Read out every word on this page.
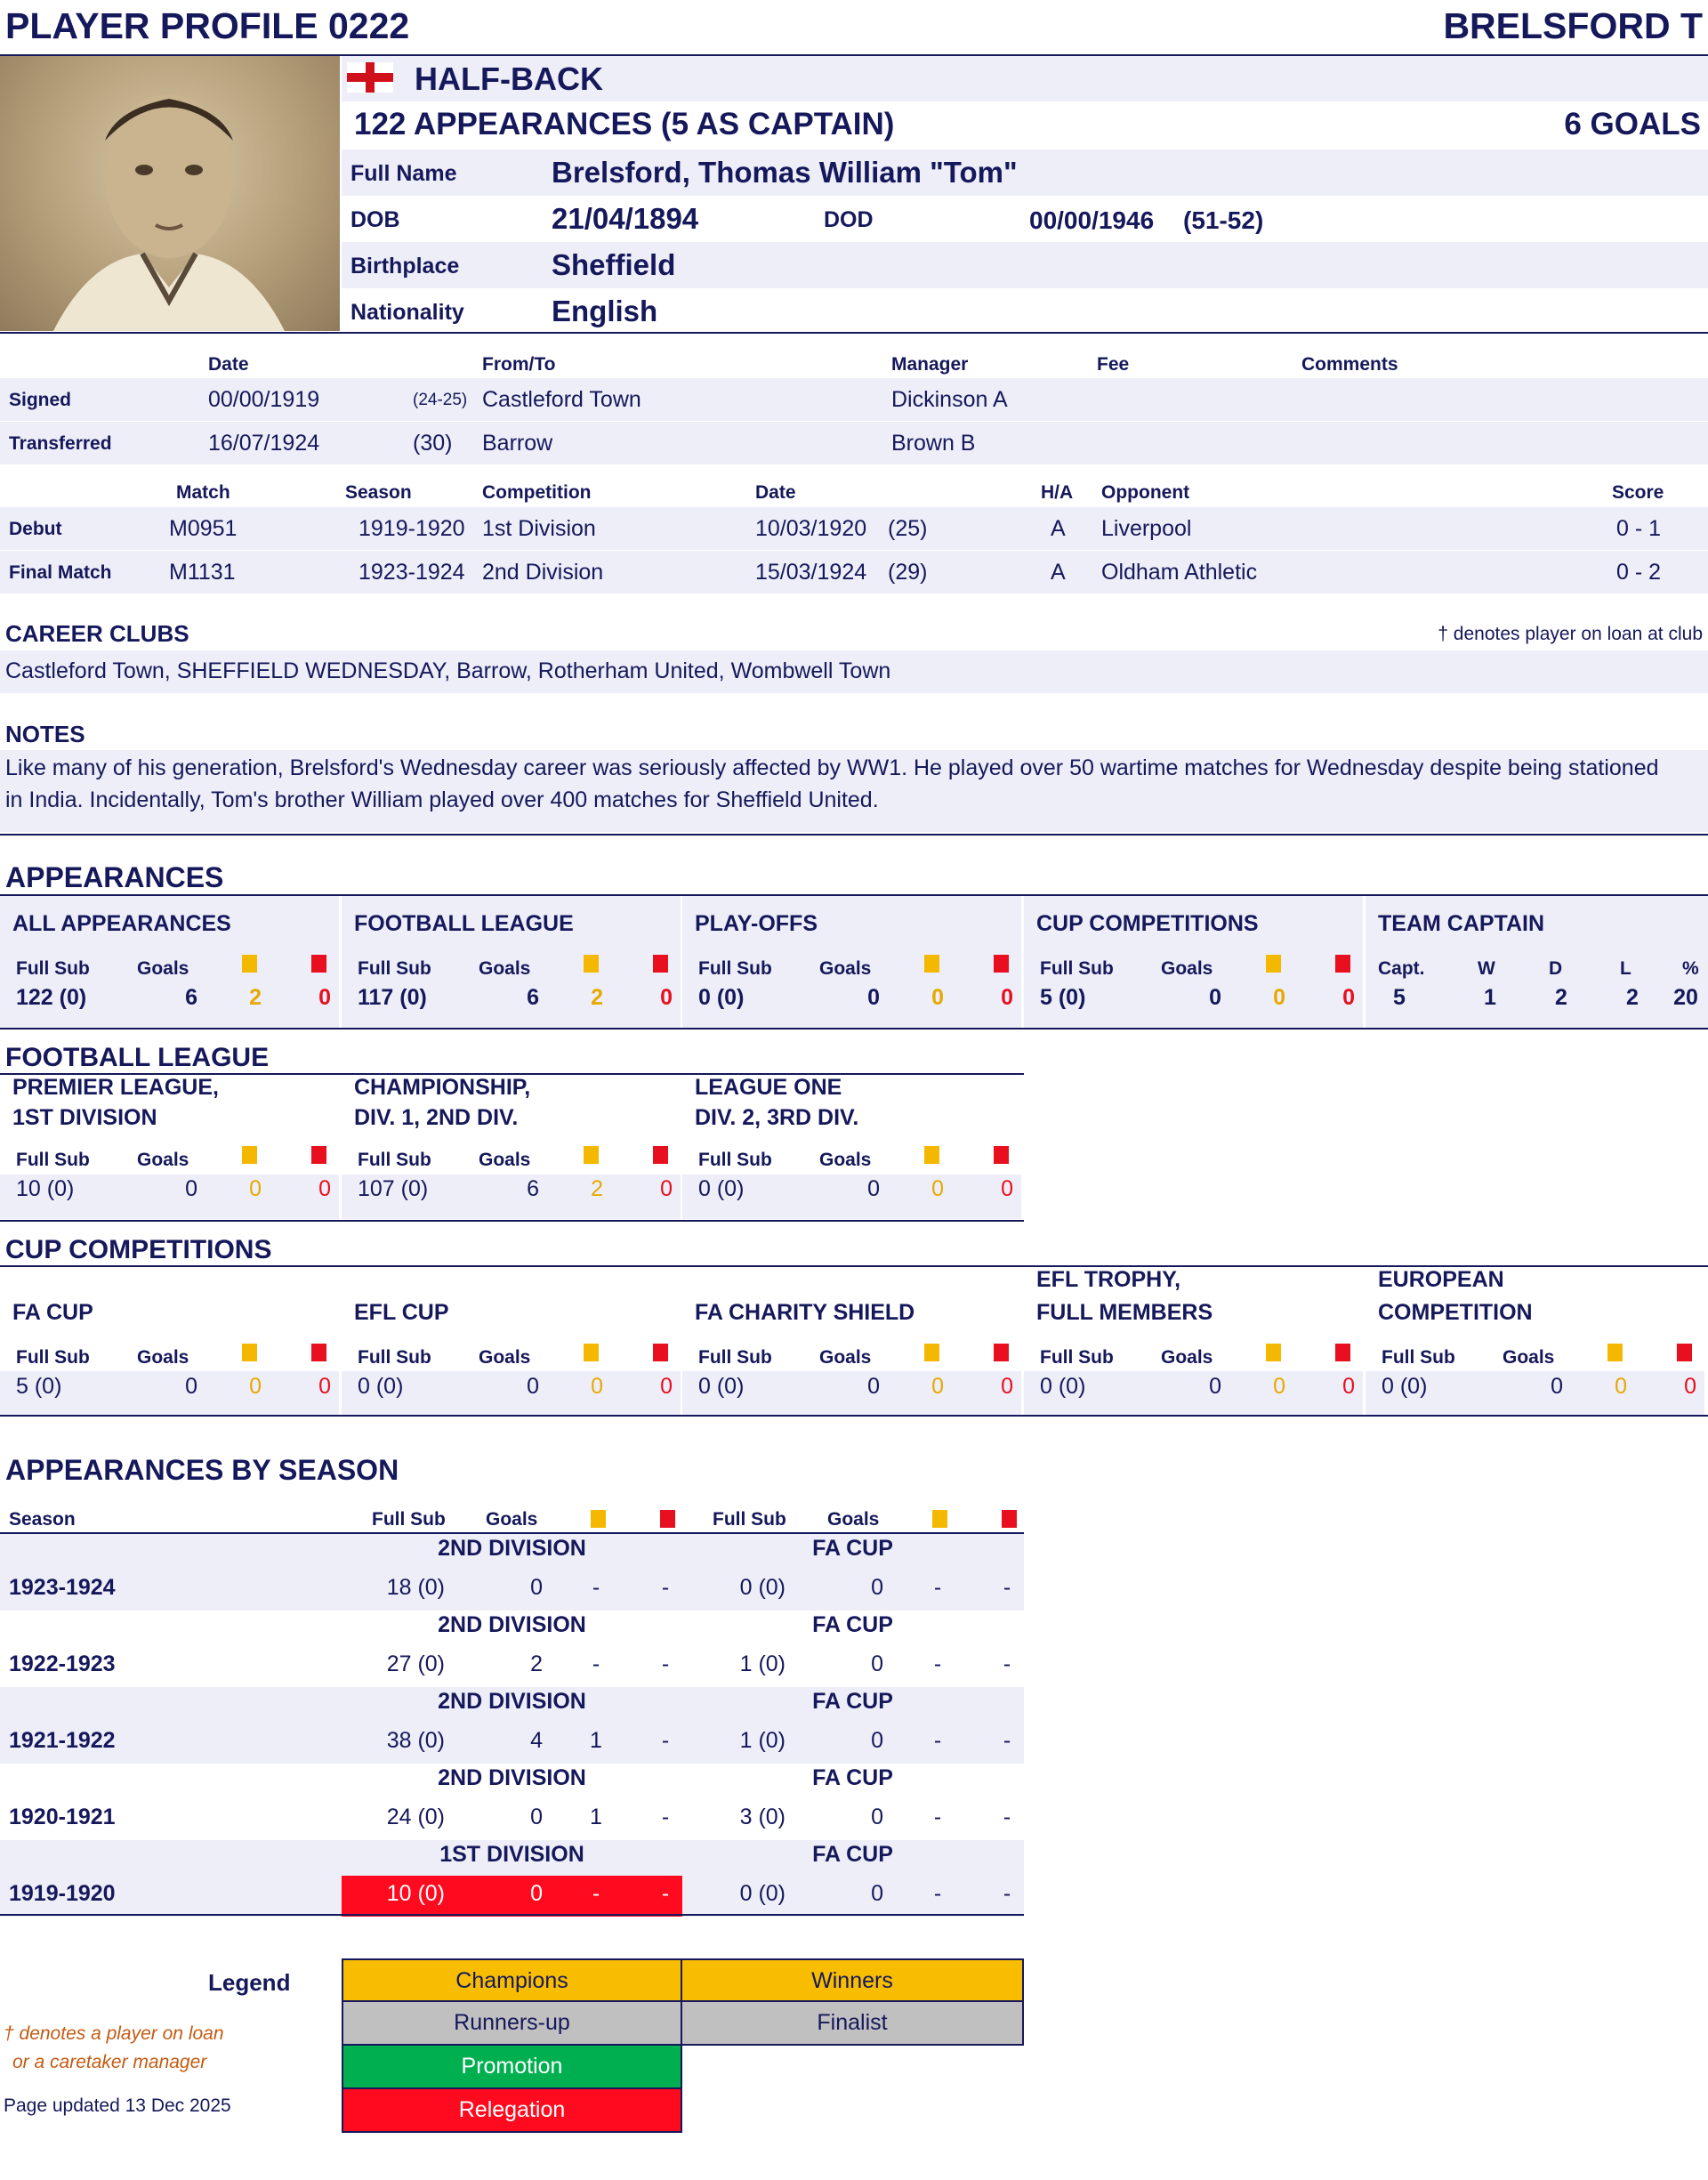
PLAYER PROFILE 0222	BRELSFORD T
HALF-BACK
122 APPEARANCES (5 AS CAPTAIN)	6 GOALS
Full Name	Brelsford, Thomas William "Tom"
DOB	21/04/1894	DOD	00/00/1946 (51-52)
Birthplace	Sheffield
Nationality	English
Date	From/To	Manager	Fee	Comments
Signed	00/00/1919	(24-25) Castleford Town	Dickinson A
Transferred	16/07/1924	(30) Barrow	Brown B
Match	Season	Competition	Date	H/A Opponent	Score
Debut	M0951	1919-1920 1st Division	10/03/1920 (25)	A Liverpool	0 - 1
Final Match	M1131	1923-1924 2nd Division	15/03/1924 (29)	A Oldham Athletic	0 - 2
CAREER CLUBS	† denotes player on loan at club
Castleford Town, SHEFFIELD WEDNESDAY, Barrow, Rotherham United, Wombwell Town
NOTES
Like many of his generation, Brelsford's Wednesday career was seriously affected by WW1. He played over 50 wartime matches for Wednesday despite being stationed
in India. Incidentally, Tom's brother William played over 400 matches for Sheffield United.
APPEARANCES
ALL APPEARANCES
Full Sub	Goals
122 (0)	6	2	0
FOOTBALL LEAGUE
Full Sub	Goals
117 (0)	6	2	0
PLAY-OFFS
Full Sub	Goals
0 (0)	0	0	0
CUP COMPETITIONS
Full Sub	Goals
5 (0)	0	0	0
TEAM CAPTAIN
Capt.	W	D	L	%
5	1	2	2	20
FOOTBALL LEAGUE
PREMIER LEAGUE,
1ST DIVISION
Full Sub	Goals
10 (0)	0	0	0
CHAMPIONSHIP,
DIV. 1, 2ND DIV.
Full Sub	Goals
107 (0)	6	2	0
LEAGUE ONE
DIV. 2, 3RD DIV.
Full Sub	Goals
0 (0)	0	0	0
CUP COMPETITIONS
FA CUP
Full Sub	Goals
5 (0)	0	0	0
EFL CUP
Full Sub	Goals
0 (0)	0	0	0
FA CHARITY SHIELD
Full Sub	Goals
0 (0)	0	0	0
EFL TROPHY,
FULL MEMBERS
Full Sub	Goals
0 (0)	0	0	0
EUROPEAN
COMPETITION
Full Sub	Goals
0 (0)	0	0	0
APPEARANCES BY SEASON
Season	Full Sub Goals	Full Sub Goals
2ND DIVISION	FA CUP
1923-1924	18 (0)	0	-	-	0 (0)	0	-	-
2ND DIVISION	FA CUP
1922-1923	27 (0)	2	-	-	1 (0)	0	-	-
2ND DIVISION	FA CUP
1921-1922	38 (0)	4	1	-	1 (0)	0	-	-
2ND DIVISION	FA CUP
1920-1921	24 (0)	0	1	-	3 (0)	0	-	-
1ST DIVISION	FA CUP
1919-1920	10 (0)	0	-	-	0 (0)	0	-	-
Legend	Champions	Winners
Runners-up	Finalist
Promotion
Relegation
† denotes a player on loan
or a caretaker manager
Page updated 13 Dec 2025
